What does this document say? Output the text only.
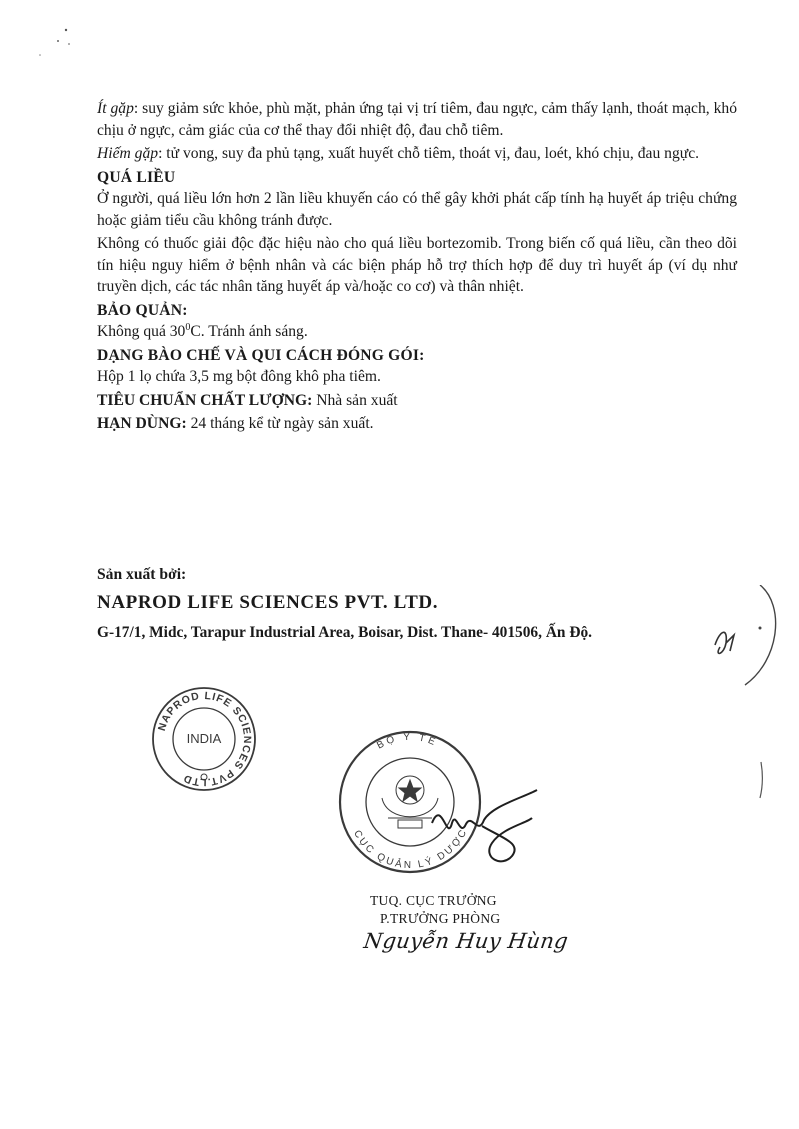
Ít gặp: suy giảm sức khỏe, phù mặt, phản ứng tại vị trí tiêm, đau ngực, cảm thấy lạnh, thoát mạch, khó chịu ở ngực, cảm giác của cơ thể thay đổi nhiệt độ, đau chỗ tiêm.

Hiếm gặp: tử vong, suy đa phủ tạng, xuất huyết chỗ tiêm, thoát vị, đau, loét, khó chịu, đau ngực.

QUÁ LIỀU

Ở người, quá liều lớn hơn 2 lần liều khuyến cáo có thể gây khởi phát cấp tính hạ huyết áp triệu chứng hoặc giảm tiểu cầu không tránh được.

Không có thuốc giải độc đặc hiệu nào cho quá liều bortezomib. Trong biến cố quá liều, cần theo dõi tín hiệu nguy hiểm ở bệnh nhân và các biện pháp hỗ trợ thích hợp để duy trì huyết áp (ví dụ như truyền dịch, các tác nhân tăng huyết áp và/hoặc co cơ) và thân nhiệt.

BẢO QUẢN:

Không quá $30^0C$. Tránh ánh sáng.

DẠNG BÀO CHẾ VÀ QUI CÁCH ĐÓNG GÓI:

Hộp 1 lọ chứa 3,5 mg bột đông khô pha tiêm.

TIÊU CHUẨN CHẤT LƯỢNG: Nhà sản xuất

HẠN DÙNG: 24 tháng kể từ ngày sản xuất.

Sản xuất bởi:

NAPROD LIFE SCIENCES PVT. LTD.

G-17/1, Midc, Tarapur Industrial Area, Boisar, Dist. Thane- 401506, Ấn Độ.

NAPROD LIFE SCIENCES PVT.LTD
INDIA	BỘ Y TẾ
CỤC QUẢN LÝ DƯỢC

TUQ. CỤC TRƯỞNG

P.TRƯỞNG PHÒNG

Nguyễn Huy Hùng
